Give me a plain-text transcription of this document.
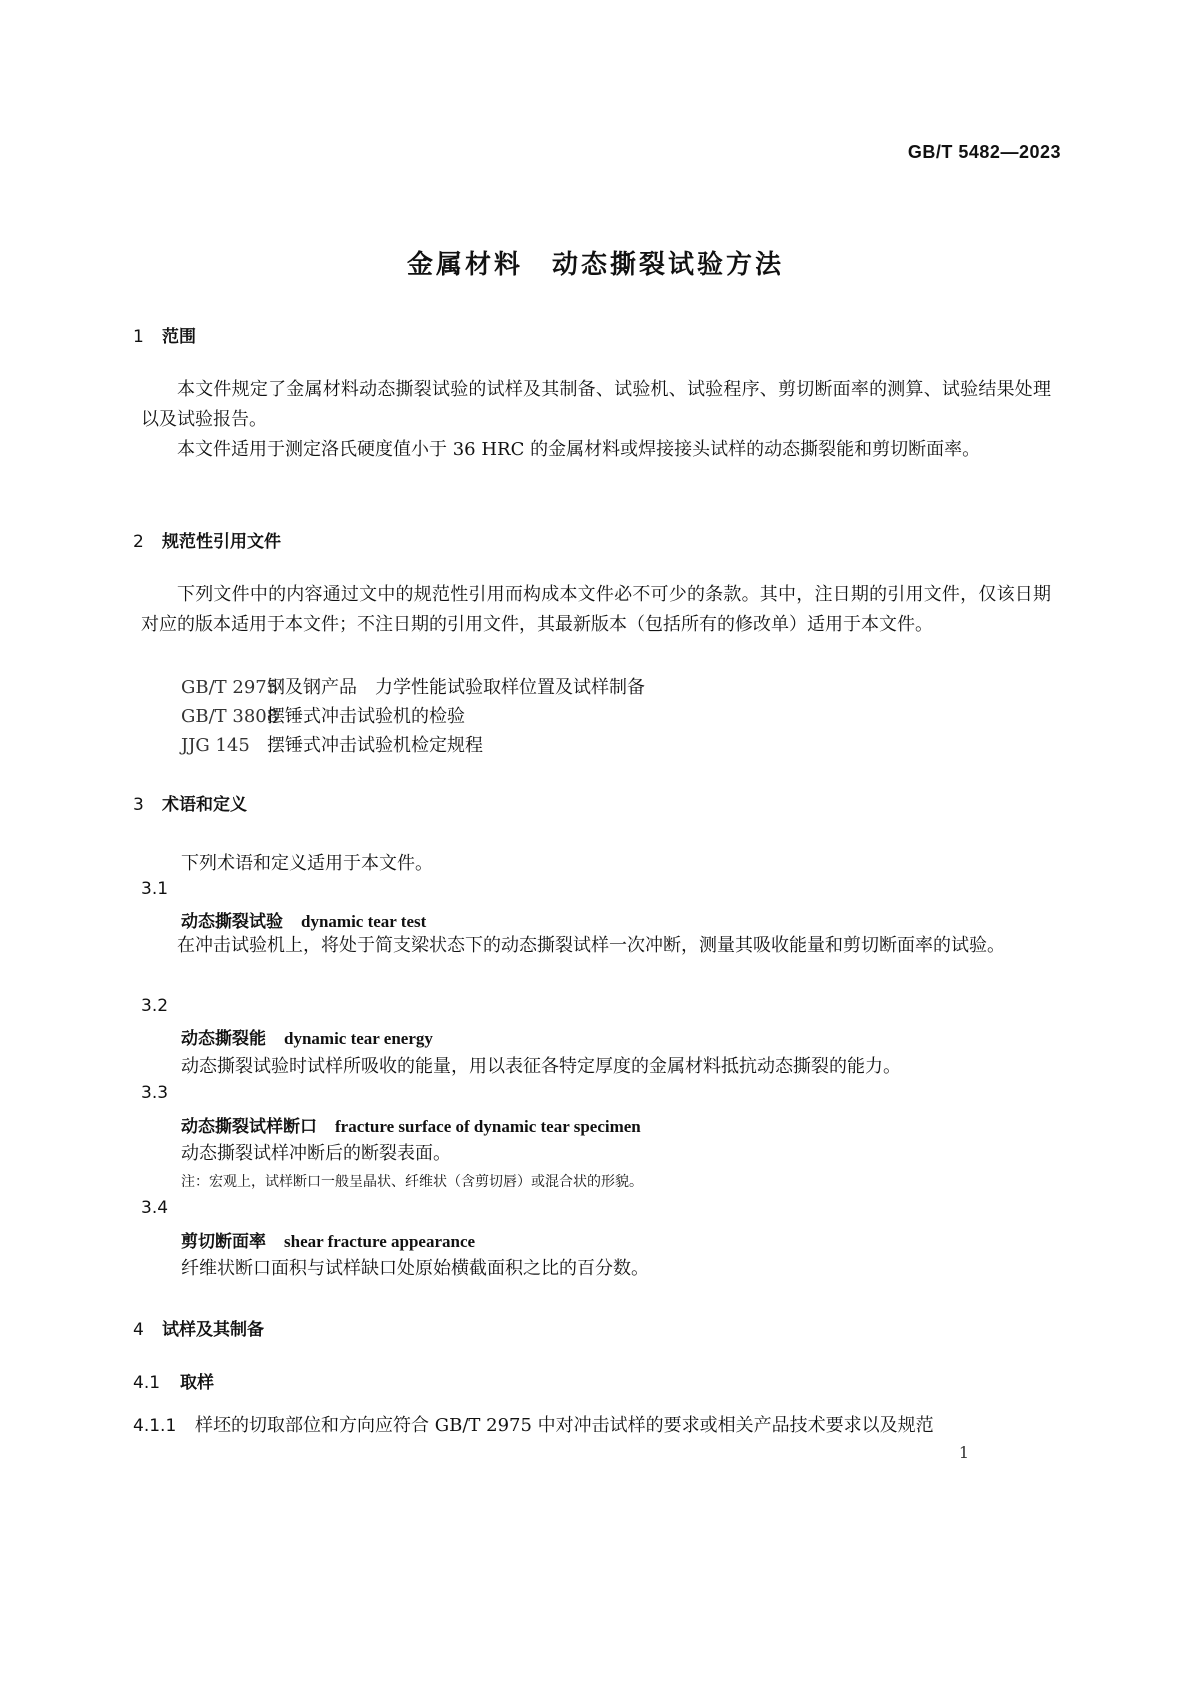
GB/T 5482—2023
金属材料　动态撕裂试验方法
1 范围
本文件规定了金属材料动态撕裂试验的试样及其制备、试验机、试验程序、剪切断面率的测算、试验结果处理以及试验报告。
本文件适用于测定洛氏硬度值小于 36 HRC 的金属材料或焊接接头试样的动态撕裂能和剪切断面率。
2 规范性引用文件
下列文件中的内容通过文中的规范性引用而构成本文件必不可少的条款。其中，注日期的引用文件，仅该日期对应的版本适用于本文件；不注日期的引用文件，其最新版本（包括所有的修改单）适用于本文件。
GB/T 2975钢及钢产品　力学性能试验取样位置及试样制备
GB/T 3808摆锤式冲击试验机的检验
JJG 145 摆锤式冲击试验机检定规程
3 术语和定义
下列术语和定义适用于本文件。
3.1
动态撕裂试验 dynamic tear test
在冲击试验机上，将处于简支梁状态下的动态撕裂试样一次冲断，测量其吸收能量和剪切断面率的试验。
3.2
动态撕裂能 dynamic tear energy
动态撕裂试验时试样所吸收的能量，用以表征各特定厚度的金属材料抵抗动态撕裂的能力。
3.3
动态撕裂试样断口 fracture surface of dynamic tear specimen
动态撕裂试样冲断后的断裂表面。
注：宏观上，试样断口一般呈晶状、纤维状（含剪切唇）或混合状的形貌。
3.4
剪切断面率 shear fracture appearance
纤维状断口面积与试样缺口处原始横截面积之比的百分数。
4 试样及其制备
4.1 取样
4.1.1 样坯的切取部位和方向应符合 GB/T 2975 中对冲击试样的要求或相关产品技术要求以及规范
1
